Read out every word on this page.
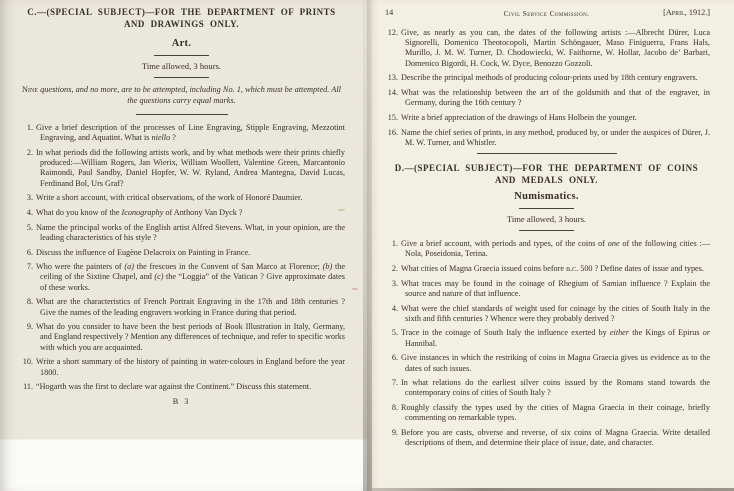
C.—(SPECIAL SUBJECT)—FOR THE DEPARTMENT OF PRINTS
AND DRAWINGS ONLY.
Art.
Time allowed, 3 hours.

Nine questions, and no more, are to be attempted, including No. 1, which must be attempted. All the questions carry equal marks.

1. Give a brief description of the processes of Line Engraving, Stipple Engraving, Mezzotint Engraving, and Aquatint. What is niello ?
2. In what periods did the following artists work, and by what methods were their prints chiefly produced:—William Rogers, Jan Wierix, William Woollett, Valentine Green, Marcantonio Raimondi, Paul Sandby, Daniel Hopfer, W. W. Ryland, Andrea Mantegna, David Lucas, Ferdinand Bol, Urs Graf?
3. Write a short account, with critical observations, of the work of Honoré Daumier.
4. What do you know of the Iconography of Anthony Van Dyck ?
5. Name the principal works of the English artist Alfred Stevens. What, in your opinion, are the leading characteristics of his style ?
6. Discuss the influence of Eugène Delacroix on Painting in France.
7. Who were the painters of (a) the frescoes in the Convent of San Marco at Florence; (b) the ceiling of the Sixtine Chapel, and (c) the “Loggia” of the Vatican ? Give approximate dates of these works.
8. What are the characteristics of French Portrait Engraving in the 17th and 18th centuries ? Give the names of the leading engravers working in France during that period.
9. What do you consider to have been the best periods of Book Illustration in Italy, Germany, and England respectively ? Mention any differences of technique, and refer to specific works with which you are acquainted.
10. Write a short summary of the history of painting in water-colours in England before the year 1800.
11. “Hogarth was the first to declare war against the Continent.” Discuss this statement.
B 3
14	Civil Service Commission.	[April, 1912.]
12. Give, as nearly as you can, the dates of the following artists :—Albrecht Dürer, Luca Signorelli, Domenico Theotocopoli, Martin Schöngauer, Maso Finiguerra, Frans Hals, Murillo, J. M. W. Turner, D. Chodowiecki, W. Faithorne, W. Hollar, Jacobo de’ Barbari, Domenico Bigordi, H. Cock, W. Dyce, Benozzo Gozzoli.
13. Describe the principal methods of producing colour-prints used by 18th century engravers.
14. What was the relationship between the art of the goldsmith and that of the engraver, in Germany, during the 16th century ?
15. Write a brief appreciation of the drawings of Hans Holbein the younger.
16. Name the chief series of prints, in any method, produced by, or under the auspices of Dürer, J. M. W. Turner, and Whistler.
D.—(SPECIAL SUBJECT)—FOR THE DEPARTMENT OF COINS
AND MEDALS ONLY.
Numismatics.
Time allowed, 3 hours.
1. Give a brief account, with periods and types, of the coins of one of the following cities :—Nola, Poseidonia, Terina.
2. What cities of Magna Graecia issued coins before b.c. 500 ? Define dates of issue and types.
3. What traces may be found in the coinage of Rhegium of Samian influence ? Explain the source and nature of that influence.
4. What were the chief standards of weight used for coinage by the cities of South Italy in the sixth and fifth centuries ? Whence were they probably derived ?
5. Trace in the coinage of South Italy the influence exerted by either the Kings of Epirus or Hannibal.
6. Give instances in which the restriking of coins in Magna Graecia gives us evidence as to the dates of such issues.
7. In what relations do the earliest silver coins issued by the Romans stand towards the contemporary coins of cities of South Italy ?
8. Roughly classify the types used by the cities of Magna Graecia in their coinage, briefly commenting on remarkable types.
9. Before you are casts, obverse and reverse, of six coins of Magna Graecia. Write detailed descriptions of them, and determine their place of issue, date, and character.
